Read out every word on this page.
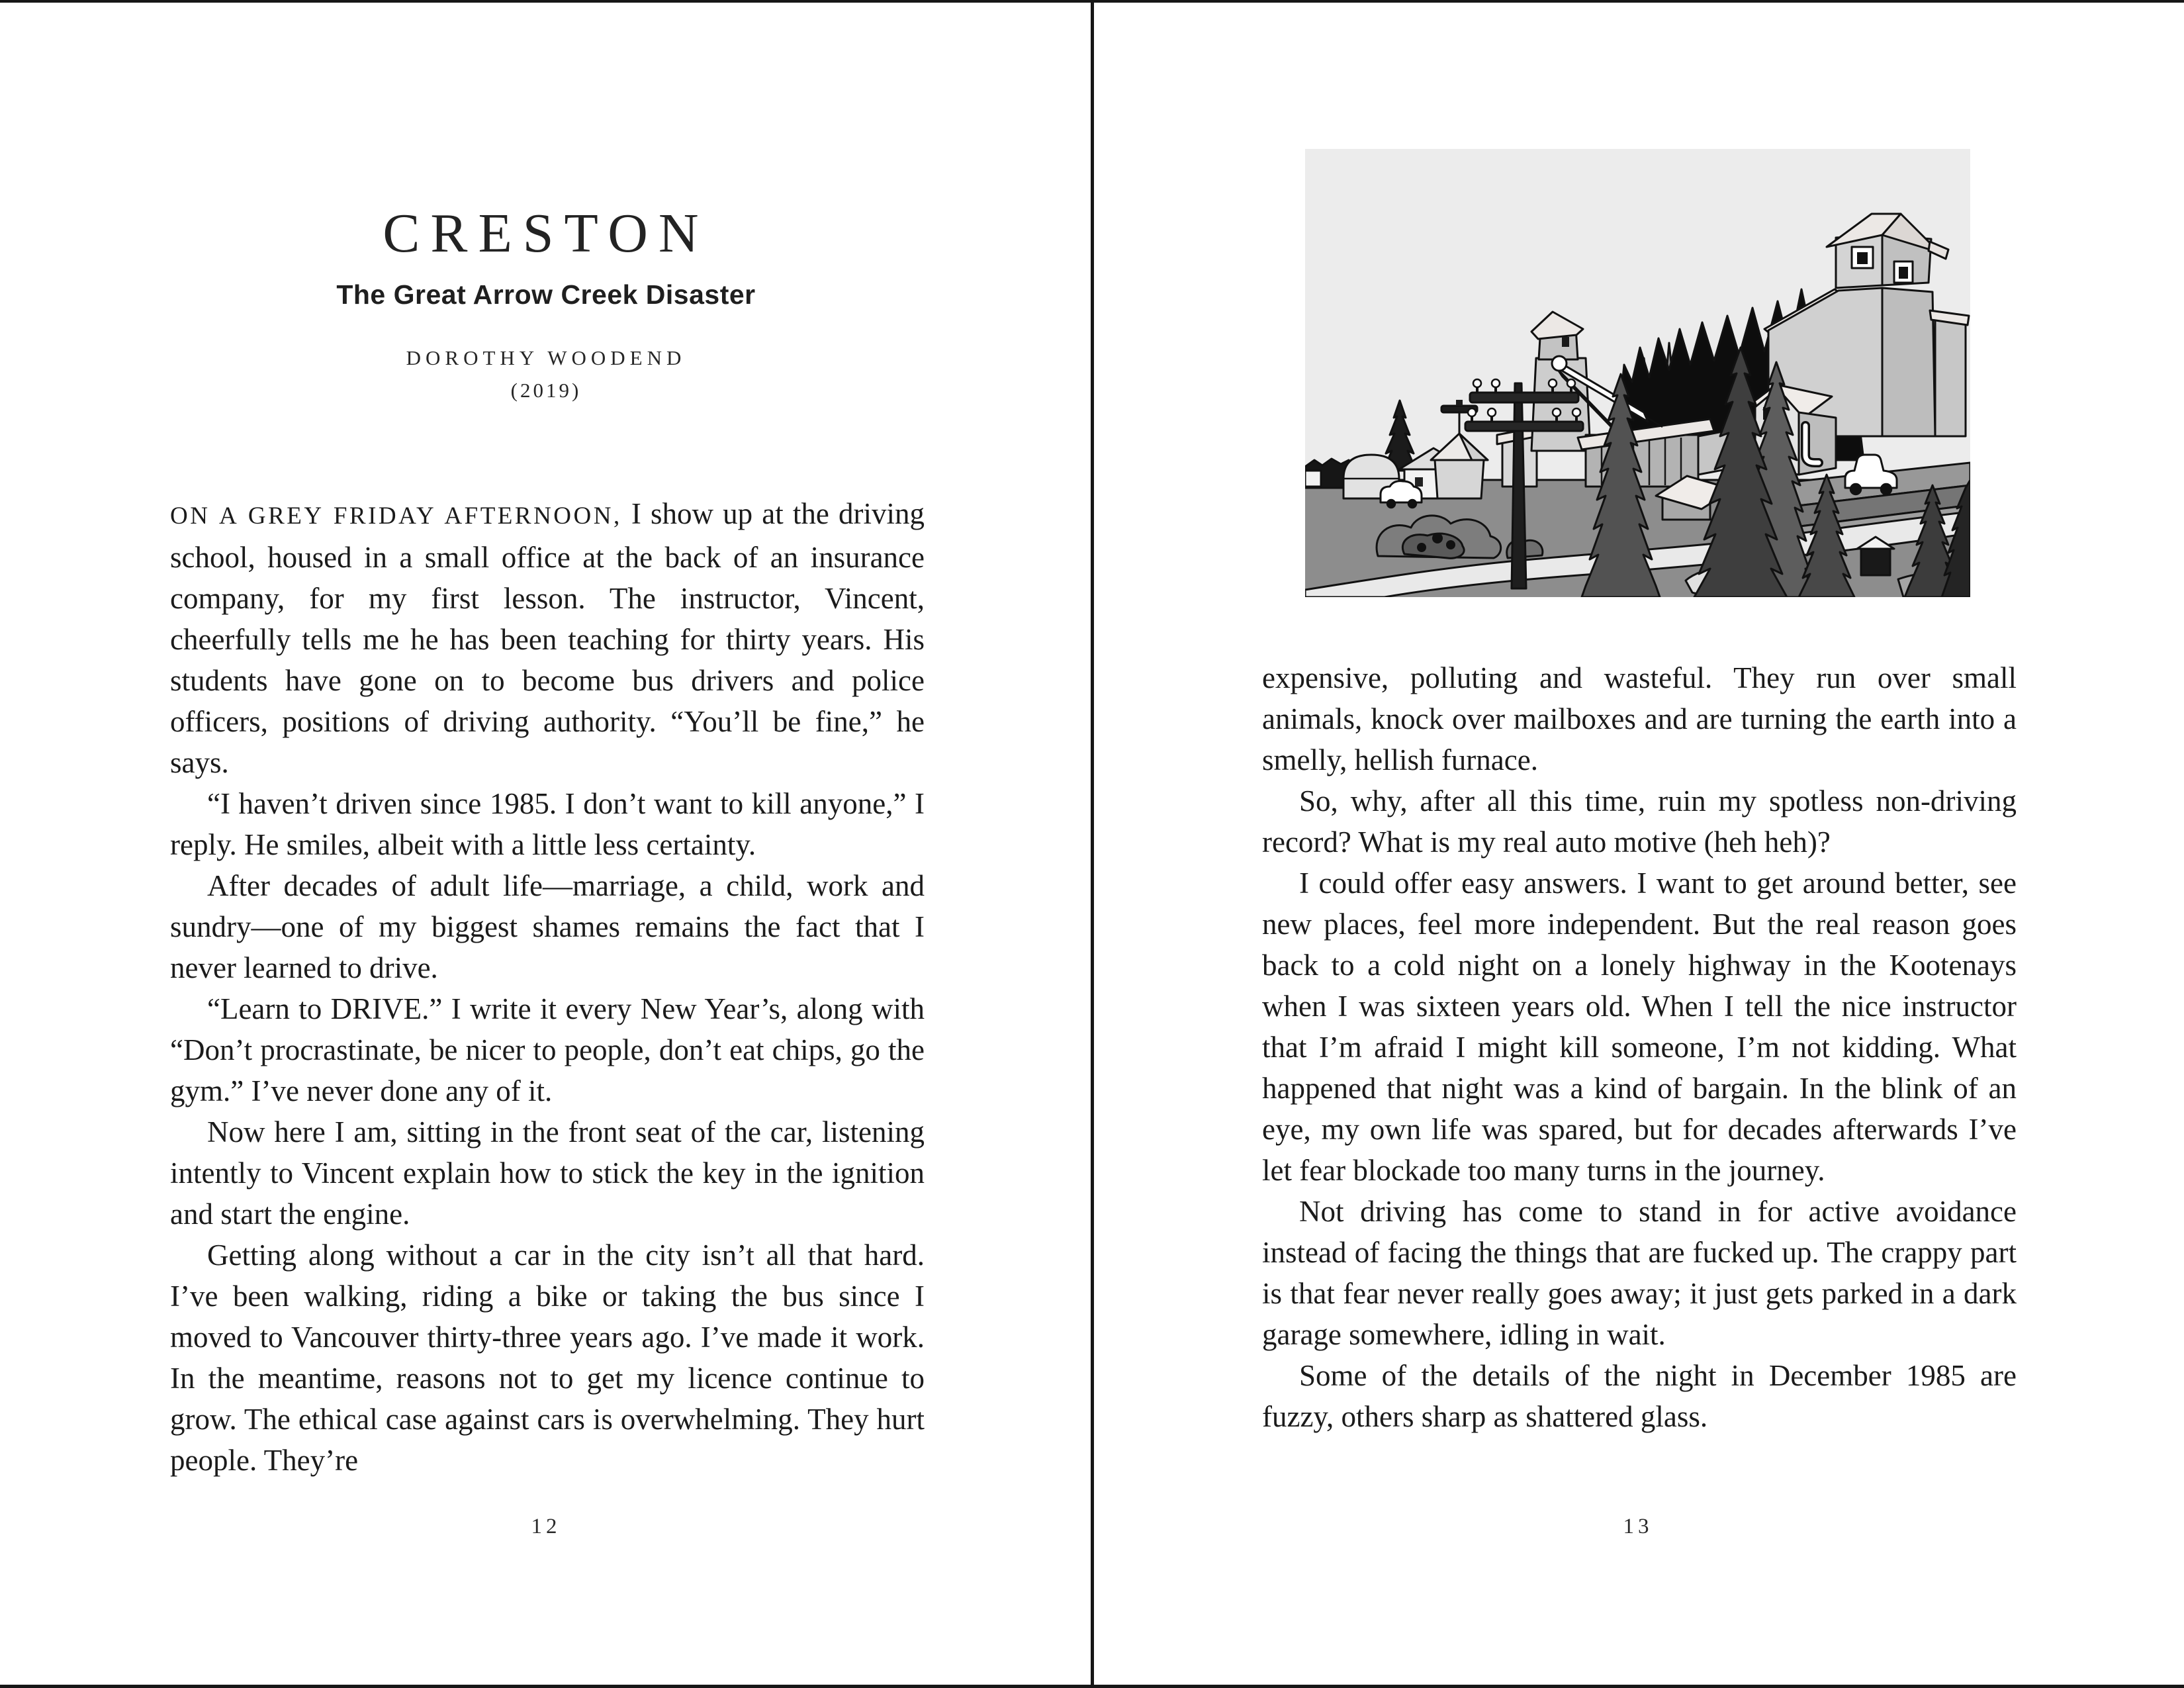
CRESTON
The Great Arrow Creek Disaster
DOROTHY WOODEND
(2019)

ON A GREY FRIDAY AFTERNOON, I show up at the driving school, housed in a small office at the back of an insurance company, for my first lesson. The instructor, Vincent, cheerfully tells me he has been teaching for thirty years. His students have gone on to become bus drivers and police officers, positions of driving authority. “You’ll be fine,” he says.

“I haven’t driven since 1985. I don’t want to kill anyone,” I reply. He smiles, albeit with a little less certainty.

After decades of adult life—marriage, a child, work and sundry—one of my biggest shames remains the fact that I never learned to drive.

“Learn to DRIVE.” I write it every New Year’s, along with “Don’t procrastinate, be nicer to people, don’t eat chips, go the gym.” I’ve never done any of it.

Now here I am, sitting in the front seat of the car, listening intently to Vincent explain how to stick the key in the ignition and start the engine.

Getting along without a car in the city isn’t all that hard. I’ve been walking, riding a bike or taking the bus since I moved to Vancouver thirty-three years ago. I’ve made it work. In the meantime, reasons not to get my licence continue to grow. The ethical case against cars is overwhelming. They hurt people. They’re

12

expensive, polluting and wasteful. They run over small animals, knock over mailboxes and are turning the earth into a smelly, hellish furnace.

So, why, after all this time, ruin my spotless non-driving record? What is my real auto motive (heh heh)?

I could offer easy answers. I want to get around better, see new places, feel more independent. But the real reason goes back to a cold night on a lonely highway in the Kootenays when I was sixteen years old. When I tell the nice instructor that I’m afraid I might kill someone, I’m not kidding. What happened that night was a kind of bargain. In the blink of an eye, my own life was spared, but for decades afterwards I’ve let fear blockade too many turns in the journey.

Not driving has come to stand in for active avoidance instead of facing the things that are fucked up. The crappy part is that fear never really goes away; it just gets parked in a dark garage somewhere, idling in wait.

Some of the details of the night in December 1985 are fuzzy, others sharp as shattered glass.

13
